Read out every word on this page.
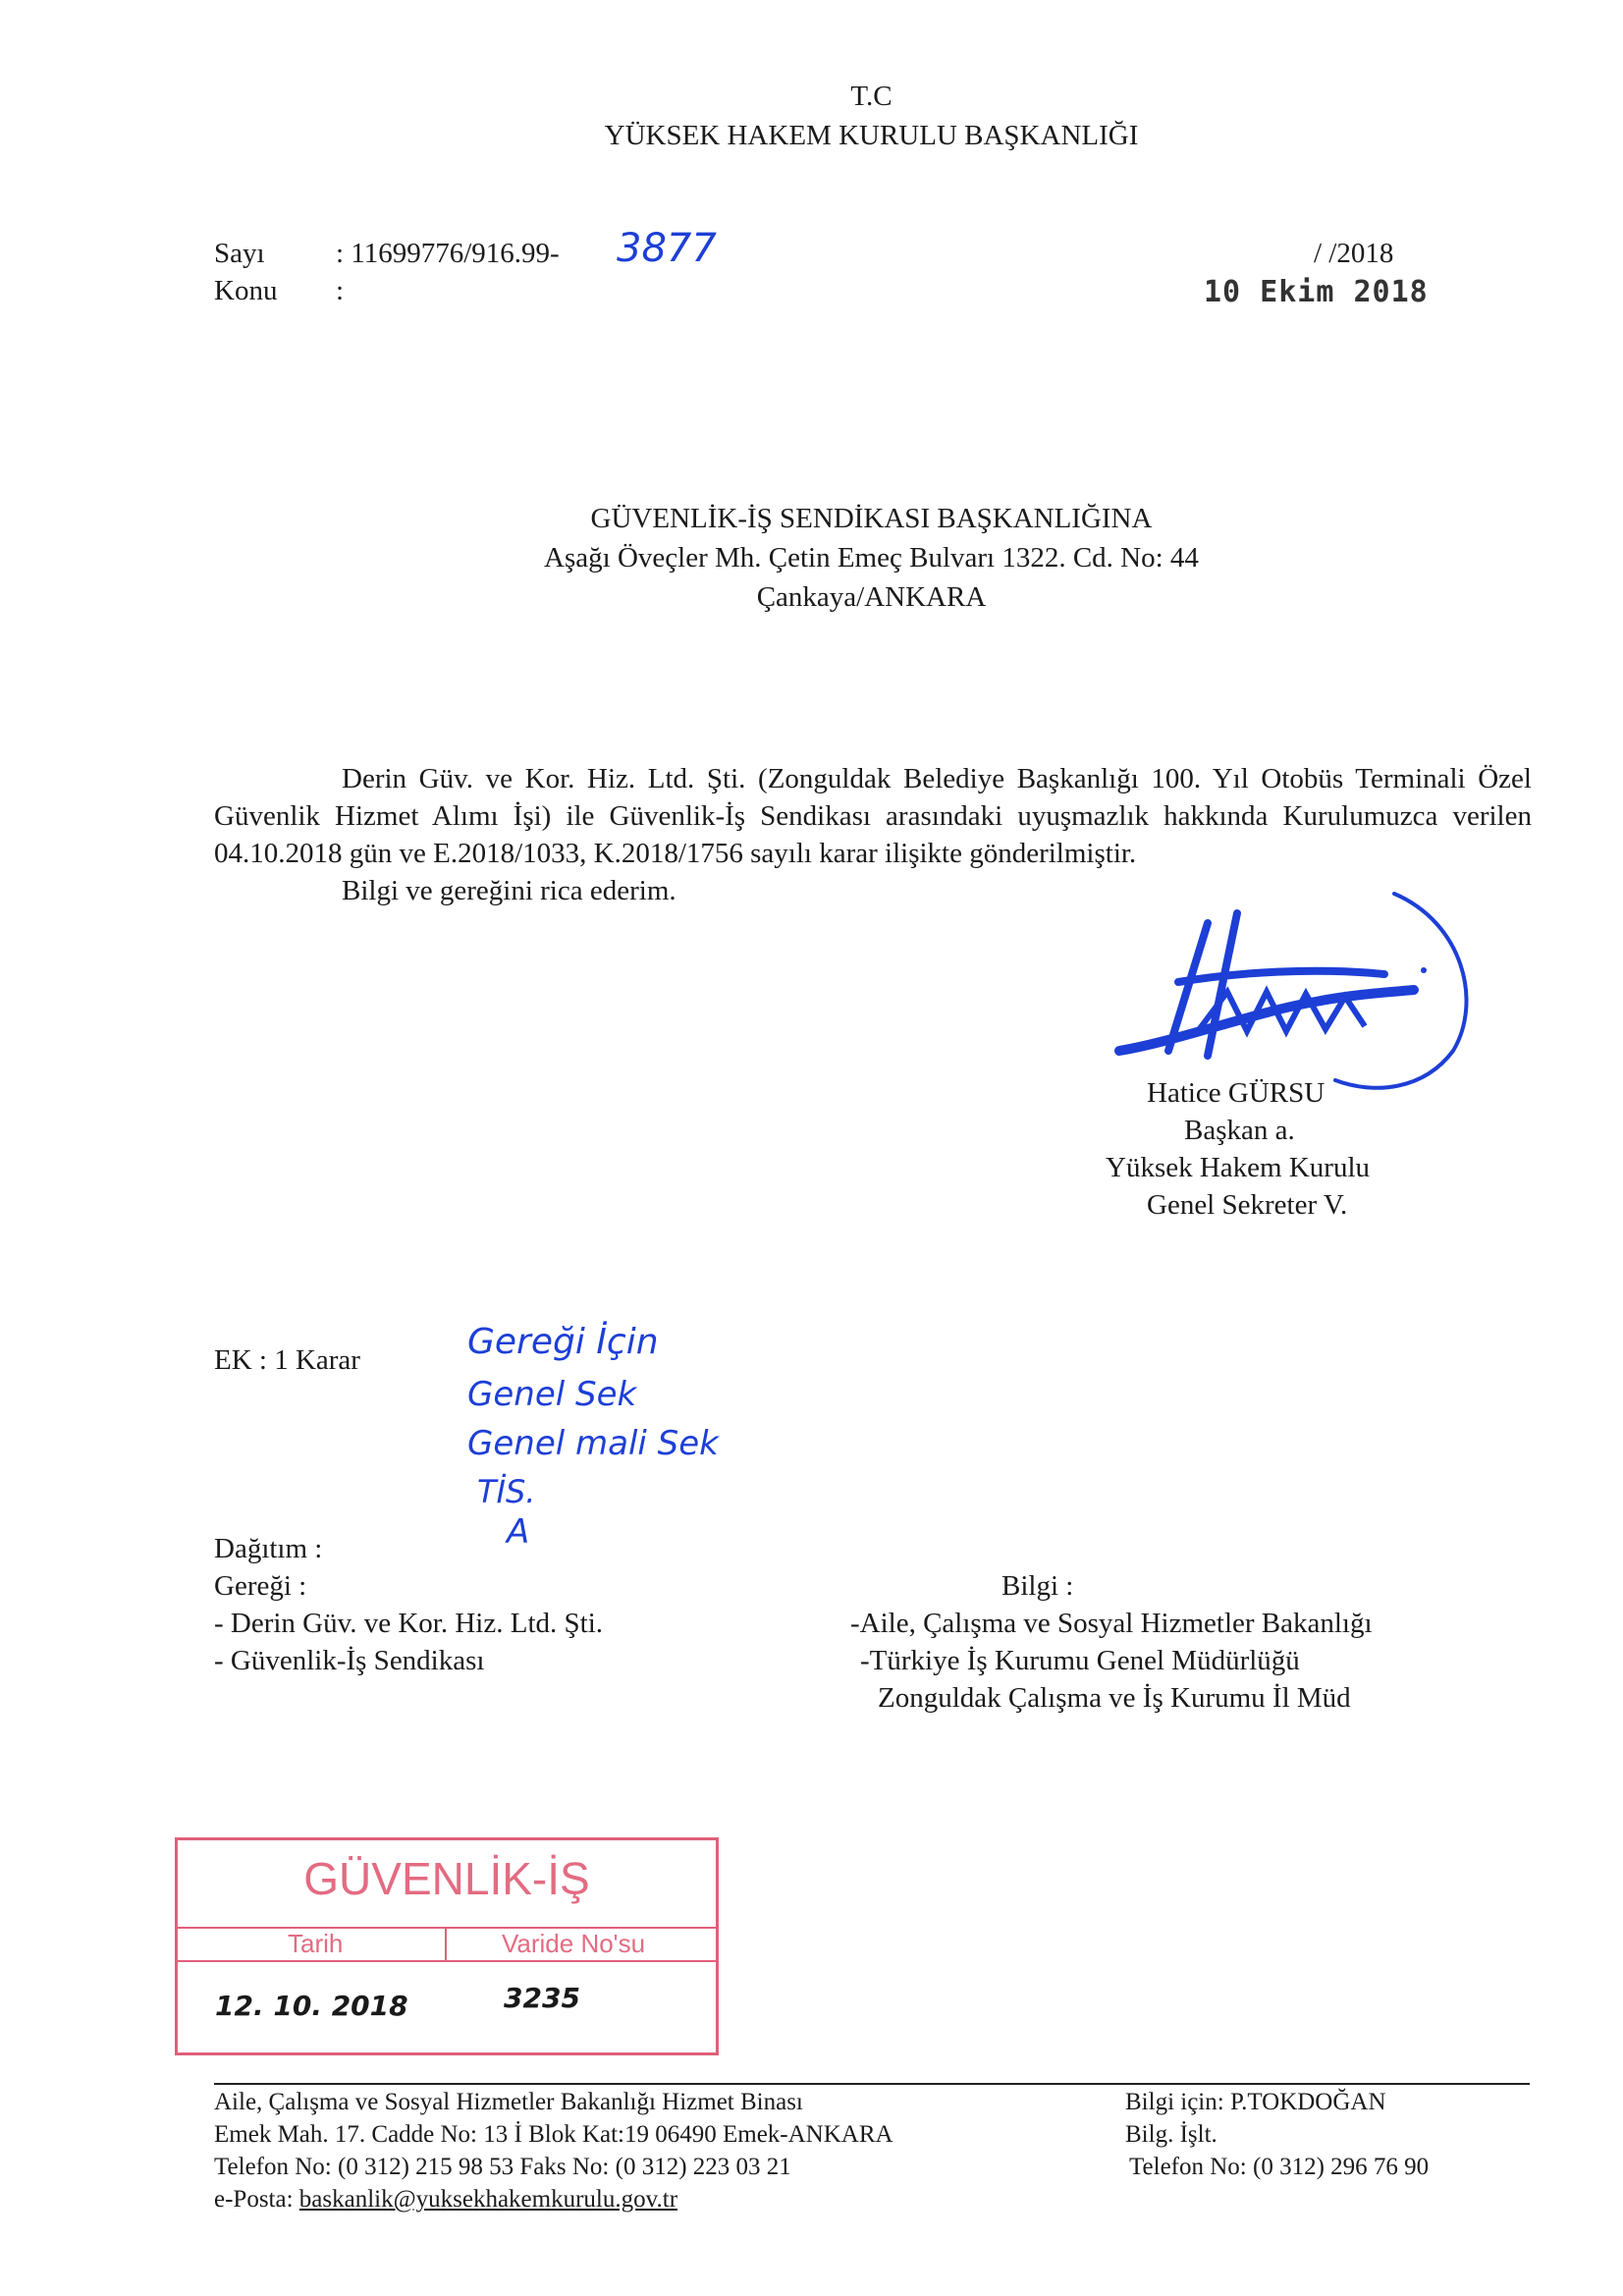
T.C
YÜKSEK HAKEM KURULU BAŞKANLIĞI
Sayı : 11699776/916.99- 3877
Konu :
/ /2018
10 Ekim 2018
GÜVENLİK-İŞ SENDİKASI BAŞKANLIĞINA
Aşağı Öveçler Mh. Çetin Emeç Bulvarı 1322. Cd. No: 44
Çankaya/ANKARA

Derin Güv. ve Kor. Hiz. Ltd. Şti. (Zonguldak Belediye Başkanlığı 100. Yıl Otobüs Terminali Özel Güvenlik Hizmet Alımı İşi) ile Güvenlik-İş Sendikası arasındaki uyuşmazlık hakkında Kurulumuzca verilen 04.10.2018 gün ve E.2018/1033, K.2018/1756 sayılı karar ilişikte gönderilmiştir.

Bilgi ve gereğini rica ederim.

Hatice GÜRSU
Başkan a.
Yüksek Hakem Kurulu
Genel Sekreter V.
EK : 1 Karar	Gereği İçin
Genel Sek
Genel mali Sek
TİS.
A
Dağıtım :
Gereği :
- Derin Güv. ve Kor. Hiz. Ltd. Şti.
- Güvenlik-İş Sendikası
Bilgi :
-Aile, Çalışma ve Sosyal Hizmetler Bakanlığı
-Türkiye İş Kurumu Genel Müdürlüğü
Zonguldak Çalışma ve İş Kurumu İl Müd
GÜVENLİK-İŞ
Tarih	Varide No'su
12. 10. 2018	3235
Aile, Çalışma ve Sosyal Hizmetler Bakanlığı Hizmet Binası
Emek Mah. 17. Cadde No: 13 İ Blok Kat:19 06490 Emek-ANKARA
Telefon No: (0 312) 215 98 53 Faks No: (0 312) 223 03 21
e-Posta: baskanlik@yuksekhakemkurulu.gov.tr
Bilgi için: P.TOKDOĞAN
Bilg. İşlt.
Telefon No: (0 312) 296 76 90
